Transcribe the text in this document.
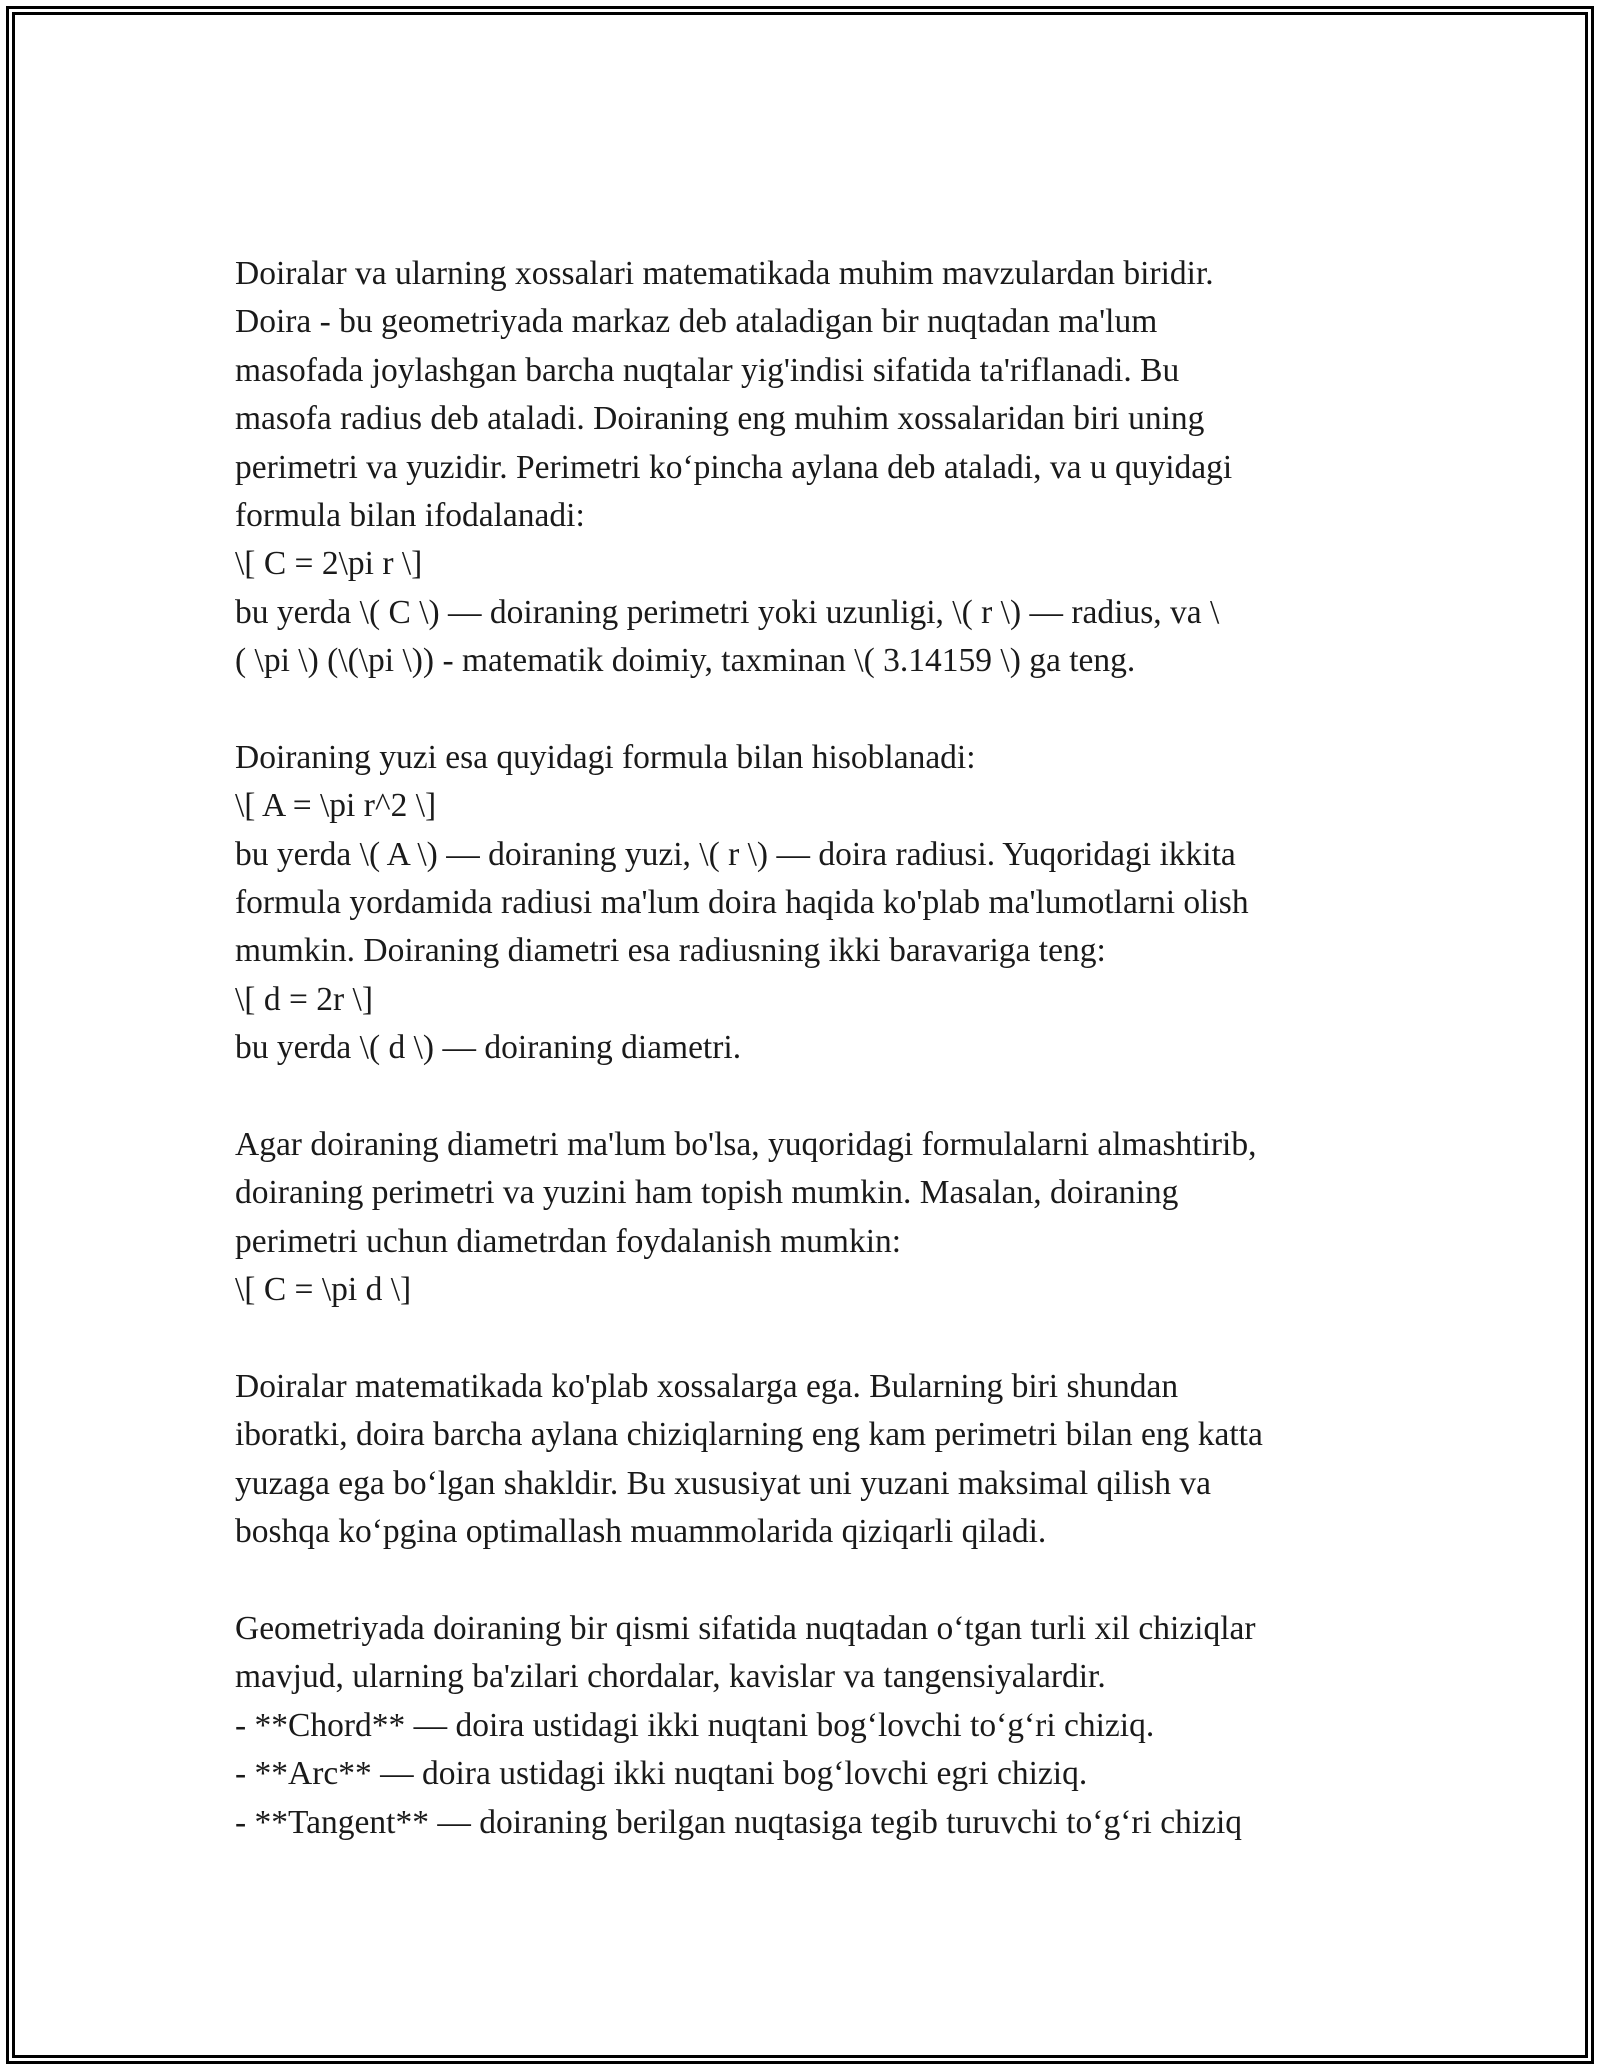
Doiralar va ularning xossalari matematikada muhim mavzulardan biridir.
Doira - bu geometriyada markaz deb ataladigan bir nuqtadan ma'lum
masofada joylashgan barcha nuqtalar yig'indisi sifatida ta'riflanadi. Bu
masofa radius deb ataladi. Doiraning eng muhim xossalaridan biri uning
perimetri va yuzidir. Perimetri ko‘pincha aylana deb ataladi, va u quyidagi
formula bilan ifodalanadi:
\[ C = 2\pi r \]
bu yerda \( C \) — doiraning perimetri yoki uzunligi, \( r \) — radius, va \
( \pi \) (\(\pi \)) - matematik doimiy, taxminan \( 3.14159 \) ga teng.
Doiraning yuzi esa quyidagi formula bilan hisoblanadi:
\[ A = \pi r^2 \]
bu yerda \( A \) — doiraning yuzi, \( r \) — doira radiusi. Yuqoridagi ikkita
formula yordamida radiusi ma'lum doira haqida ko'plab ma'lumotlarni olish
mumkin. Doiraning diametri esa radiusning ikki baravariga teng:
\[ d = 2r \]
bu yerda \( d \) — doiraning diametri.
Agar doiraning diametri ma'lum bo'lsa, yuqoridagi formulalarni almashtirib,
doiraning perimetri va yuzini ham topish mumkin. Masalan, doiraning
perimetri uchun diametrdan foydalanish mumkin:
\[ C = \pi d \]
Doiralar matematikada ko'plab xossalarga ega. Bularning biri shundan
iboratki, doira barcha aylana chiziqlarning eng kam perimetri bilan eng katta
yuzaga ega bo‘lgan shakldir. Bu xususiyat uni yuzani maksimal qilish va
boshqa ko‘pgina optimallash muammolarida qiziqarli qiladi.
Geometriyada doiraning bir qismi sifatida nuqtadan o‘tgan turli xil chiziqlar
mavjud, ularning ba'zilari chordalar, kavislar va tangensiyalardir.
- **Chord** — doira ustidagi ikki nuqtani bog‘lovchi to‘g‘ri chiziq.
- **Arc** — doira ustidagi ikki nuqtani bog‘lovchi egri chiziq.
- **Tangent** — doiraning berilgan nuqtasiga tegib turuvchi to‘g‘ri chiziq
